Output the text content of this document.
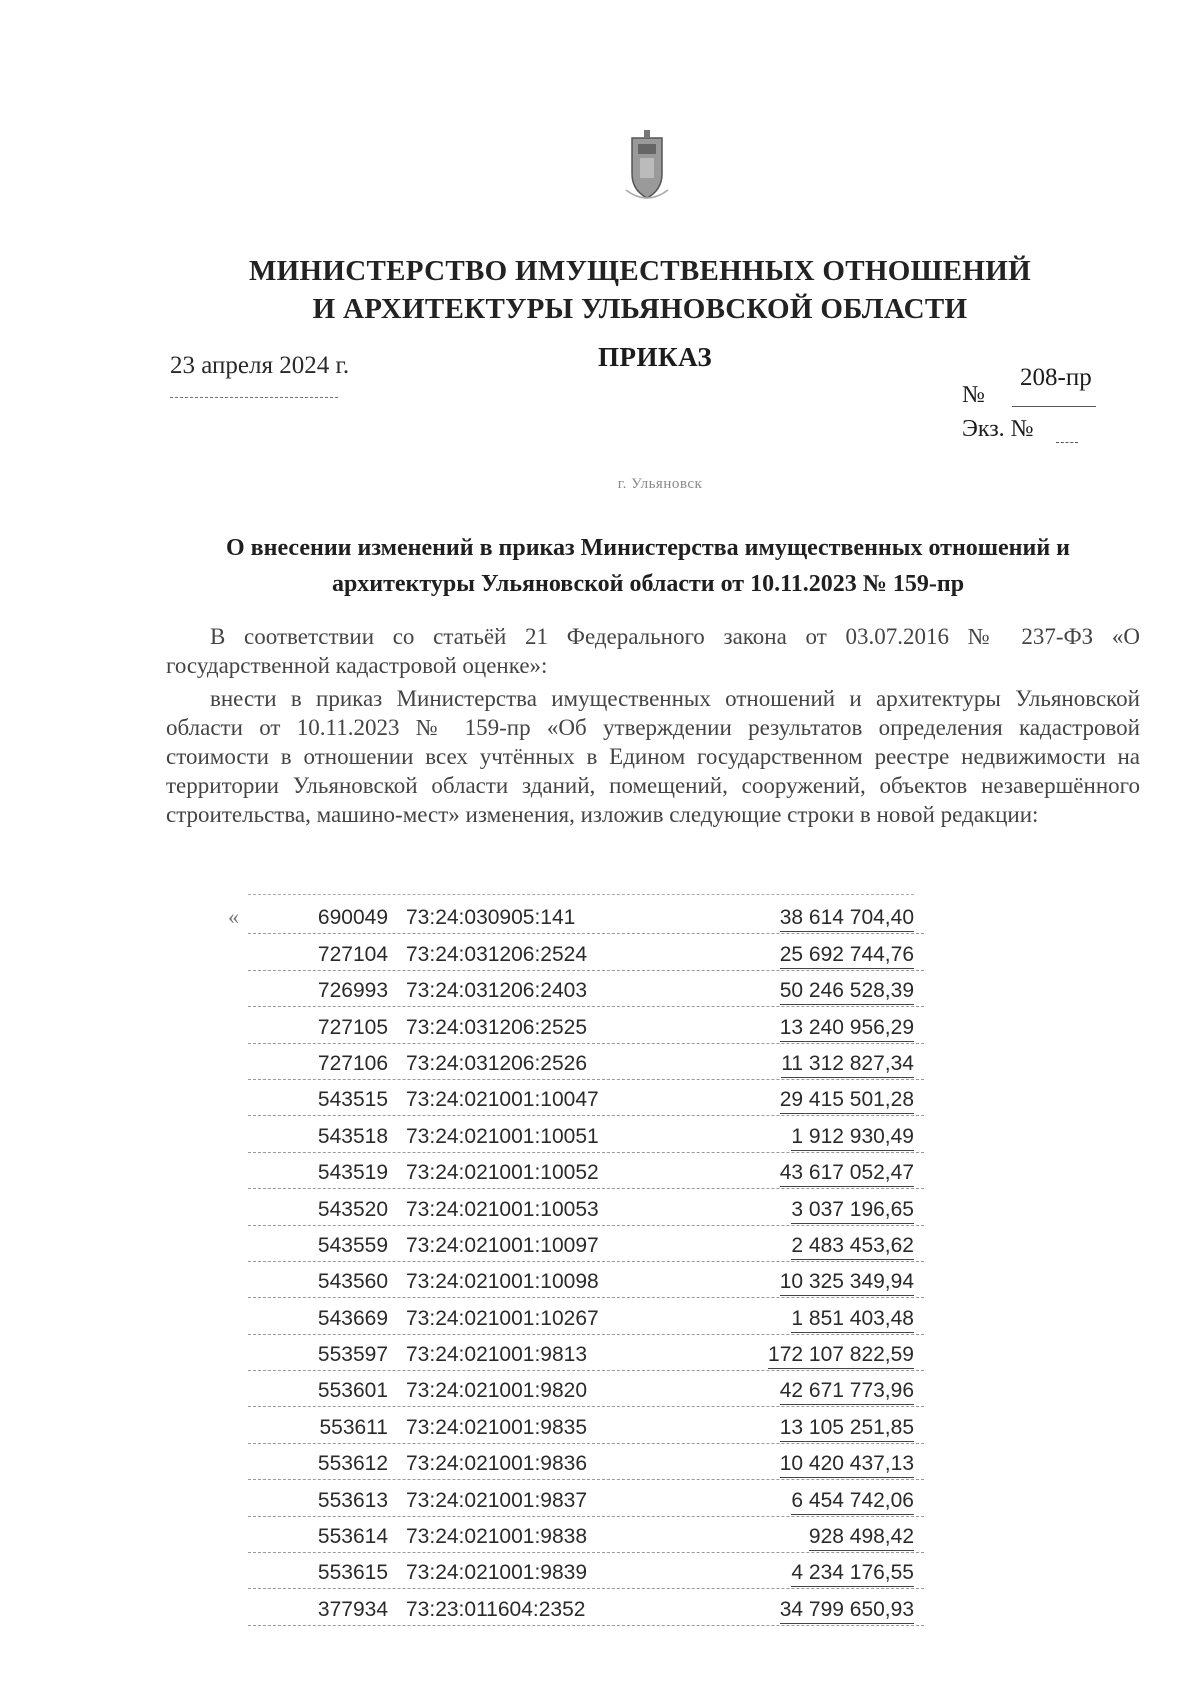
МИНИСТЕРСТВО ИМУЩЕСТВЕННЫХ ОТНОШЕНИЙ
И АРХИТЕКТУРЫ УЛЬЯНОВСКОЙ ОБЛАСТИ
23 апреля 2024 г.	ПРИКАЗ
№
208-пр
Экз. №
г. Ульяновск
О внесении изменений в приказ Министерства имущественных отношений и
архитектуры Ульяновской области от 10.11.2023 № 159-пр

В соответствии со статьёй 21 Федерального закона от 03.07.2016 № 237-ФЗ «О государственной кадастровой оценке»:

внести в приказ Министерства имущественных отношений и архитектуры Ульяновской области от 10.11.2023 № 159-пр «Об утверждении результатов определения кадастровой стоимости в отношении всех учтённых в Едином государственном реестре недвижимости на территории Ульяновской области зданий, помещений, сооружений, объектов незавершённого строительства, машино-мест» изменения, изложив следующие строки в новой редакции:

«	690049 73:24:030905:141	38 614 704,40
727104 73:24:031206:2524	25 692 744,76
726993 73:24:031206:2403	50 246 528,39
727105 73:24:031206:2525	13 240 956,29
727106 73:24:031206:2526	11 312 827,34
543515 73:24:021001:10047	29 415 501,28
543518 73:24:021001:10051	1 912 930,49
543519 73:24:021001:10052	43 617 052,47
543520 73:24:021001:10053	3 037 196,65
543559 73:24:021001:10097	2 483 453,62
543560 73:24:021001:10098	10 325 349,94
543669 73:24:021001:10267	1 851 403,48
553597 73:24:021001:9813	172 107 822,59
553601 73:24:021001:9820	42 671 773,96
553611 73:24:021001:9835	13 105 251,85
553612 73:24:021001:9836	10 420 437,13
553613 73:24:021001:9837	6 454 742,06
553614 73:24:021001:9838	928 498,42
553615 73:24:021001:9839	4 234 176,55
377934 73:23:011604:2352	34 799 650,93
